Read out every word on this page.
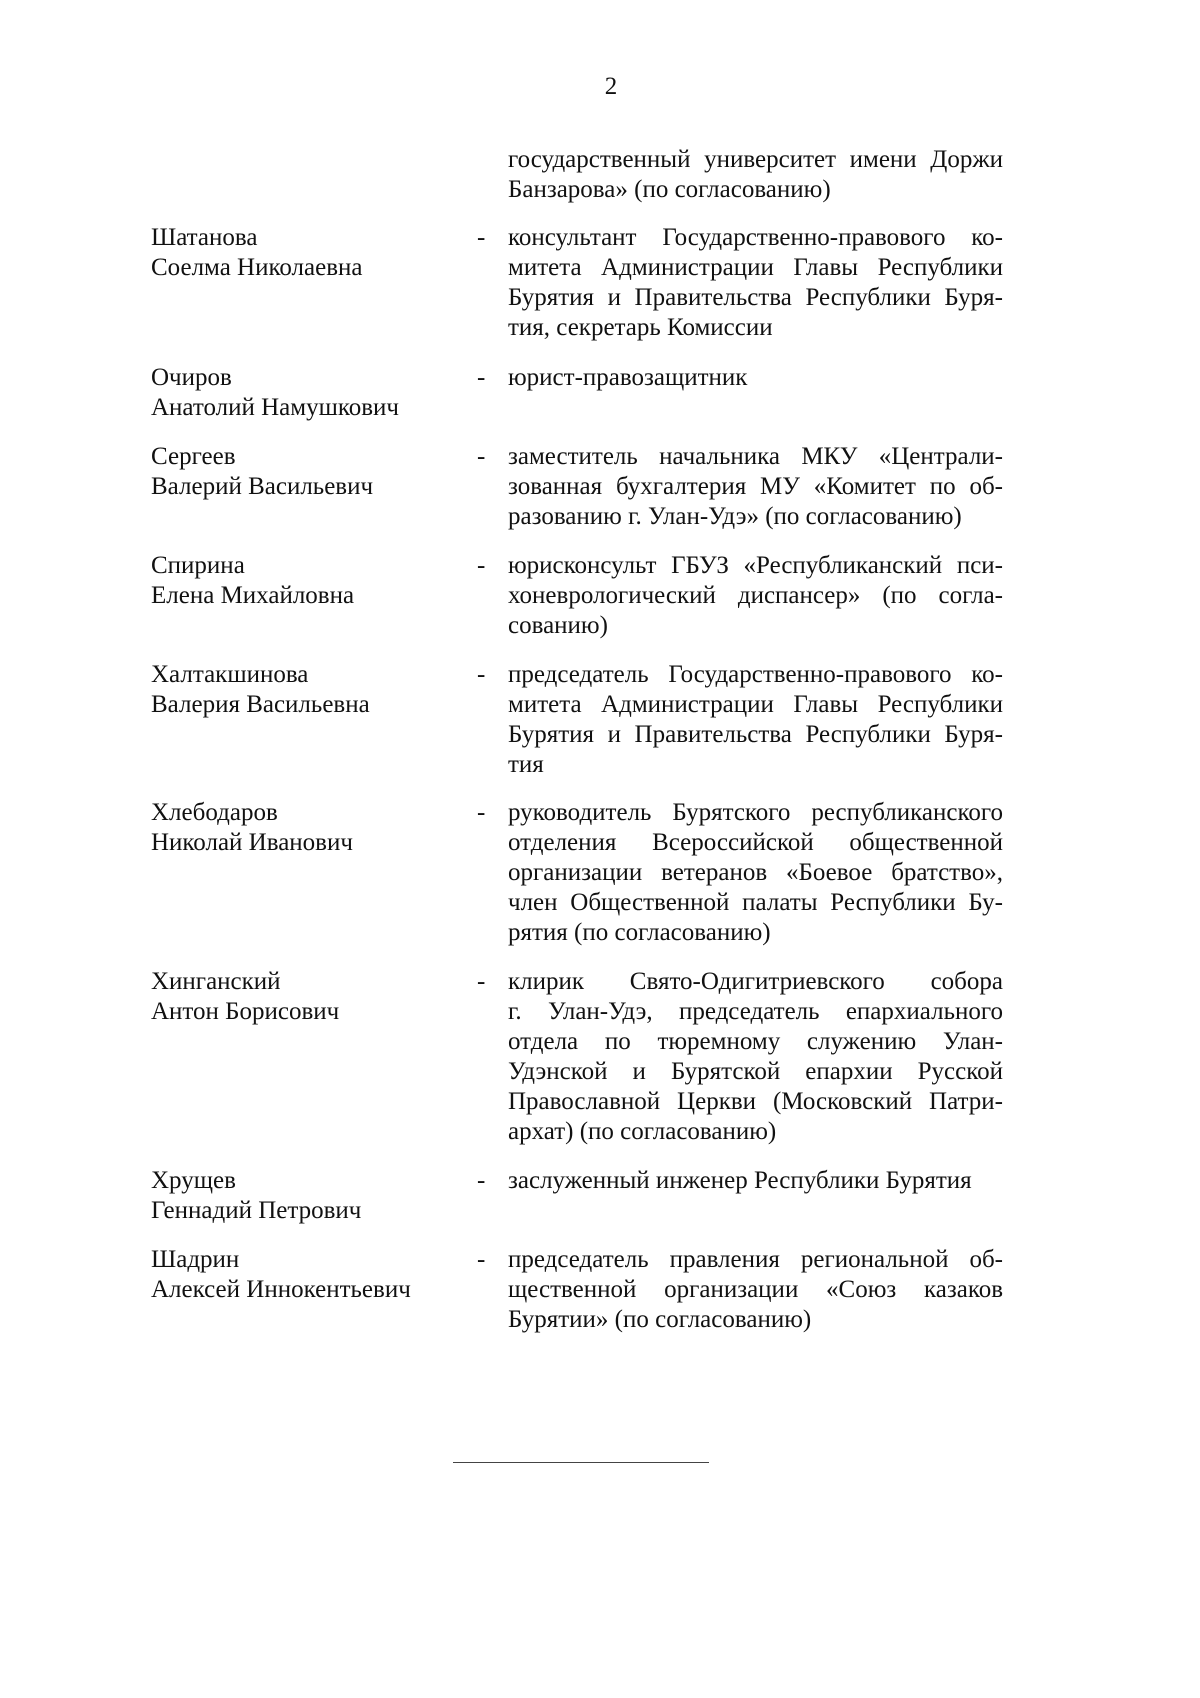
2
государственный университет имени Доржи
Банзарова» (по согласованию)
Шатанова
Соелма Николаевна
- консультант Государственно-правового ко-
митета Администрации Главы Республики
Бурятия и Правительства Республики Буря-
тия, секретарь Комиссии
Очиров
Анатолий Намушкович
- юрист-правозащитник
Сергеев
Валерий Васильевич
- заместитель начальника МКУ «Централи-
зованная бухгалтерия МУ «Комитет по об-
разованию г. Улан-Удэ» (по согласованию)
Спирина
Елена Михайловна
- юрисконсульт ГБУЗ «Республиканский пси-
хоневрологический диспансер» (по согла-
сованию)
Халтакшинова
Валерия Васильевна
- председатель Государственно-правового ко-
митета Администрации Главы Республики
Бурятия и Правительства Республики Буря-
тия
Хлебодаров
Николай Иванович
- руководитель Бурятского республиканского
отделения Всероссийской общественной
организации ветеранов «Боевое братство»,
член Общественной палаты Республики Бу-
рятия (по согласованию)
Хинганский
Антон Борисович
- клирик Свято-Одигитриевского собора
г. Улан-Удэ, председатель епархиального
отдела по тюремному служению Улан-
Удэнской и Бурятской епархии Русской
Православной Церкви (Московский Патри-
архат) (по согласованию)
Хрущев
Геннадий Петрович
- заслуженный инженер Республики Бурятия
Шадрин
Алексей Иннокентьевич
- председатель правления региональной об-
щественной организации «Союз казаков
Бурятии» (по согласованию)
